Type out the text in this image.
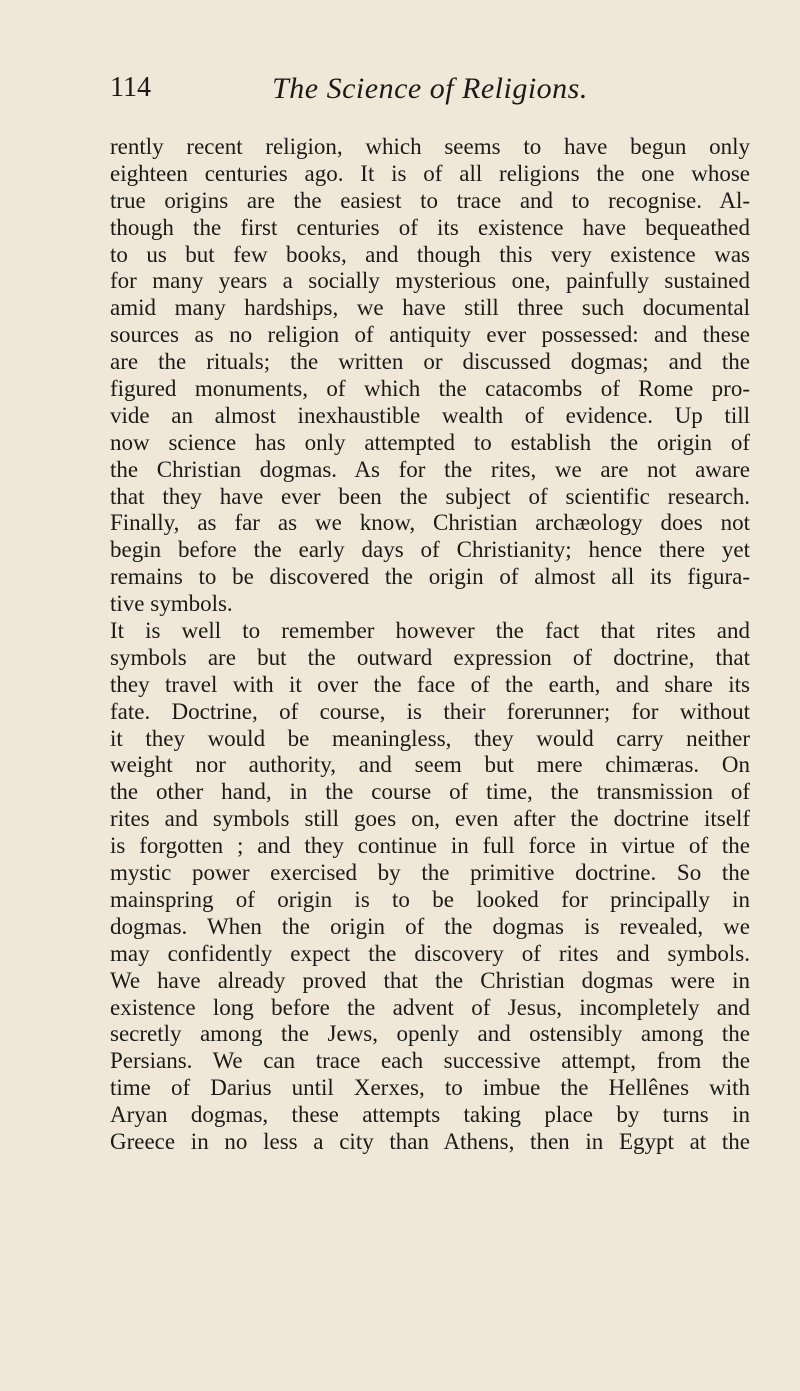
114	The Science of Religions.
rently recent religion, which seems to have begun only
eighteen centuries ago. It is of all religions the one whose
true origins are the easiest to trace and to recognise. Al-
though the first centuries of its existence have bequeathed
to us but few books, and though this very existence was
for many years a socially mysterious one, painfully sustained
amid many hardships, we have still three such documental
sources as no religion of antiquity ever possessed: and these
are the rituals; the written or discussed dogmas; and the
figured monuments, of which the catacombs of Rome pro-
vide an almost inexhaustible wealth of evidence. Up till
now science has only attempted to establish the origin of
the Christian dogmas. As for the rites, we are not aware
that they have ever been the subject of scientific research.
Finally, as far as we know, Christian archæology does not
begin before the early days of Christianity; hence there yet
remains to be discovered the origin of almost all its figura-
tive symbols.
It is well to remember however the fact that rites and
symbols are but the outward expression of doctrine, that
they travel with it over the face of the earth, and share its
fate. Doctrine, of course, is their forerunner; for without
it they would be meaningless, they would carry neither
weight nor authority, and seem but mere chimæras. On
the other hand, in the course of time, the transmission of
rites and symbols still goes on, even after the doctrine itself
is forgotten ; and they continue in full force in virtue of the
mystic power exercised by the primitive doctrine. So the
mainspring of origin is to be looked for principally in
dogmas. When the origin of the dogmas is revealed, we
may confidently expect the discovery of rites and symbols.
We have already proved that the Christian dogmas were in
existence long before the advent of Jesus, incompletely and
secretly among the Jews, openly and ostensibly among the
Persians. We can trace each successive attempt, from the
time of Darius until Xerxes, to imbue the Hellênes with
Aryan dogmas, these attempts taking place by turns in
Greece in no less a city than Athens, then in Egypt at the
